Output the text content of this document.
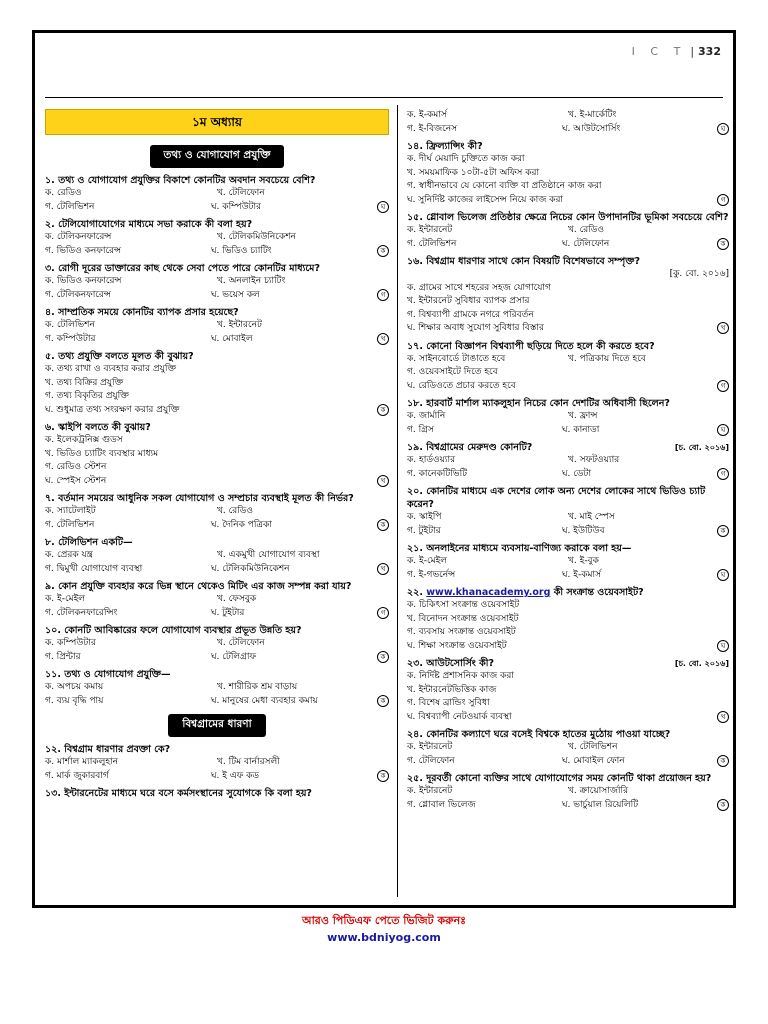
I C T | 332
১ম অধ্যায়
তথ্য ও যোগাযোগ প্রযুক্তি
১. তথ্য ও যোগাযোগ প্রযুক্তির বিকাশে কোনটির অবদান সবচেয়ে বেশি?
ক. রেডিও	খ. টেলিফোন
গ. টেলিভিশন	ঘ. কম্পিউটার	ঘ
২. টেলিযোগাযোগের মাধ্যমে সভা করাকে কী বলা হয়?
ক. টেলিকনফারেন্স	খ. টেলিকমিউনিকেশন
গ. ভিডিও কনফারেন্স	ঘ. ভিডিও চ্যাটিং	ক
৩. রোগী দূরের ডাক্তারের কাছ থেকে সেবা পেতে পারে কোনটির মাধ্যমে?
ক. ভিডিও কনফারেন্স	খ. অনলাইন চ্যাটিং
গ. টেলিকনফারেন্স	ঘ. ভয়েস কল	গ
৪. সাম্প্রতিক সময়ে কোনটির ব্যাপক প্রসার হয়েছে?
ক. টেলিভিশন	খ. ইন্টারনেট
গ. কম্পিউটার	ঘ. মোবাইল	খ
৫. তথ্য প্রযুক্তি বলতে মূলত কী বুঝায়?
ক. তথ্য রাখা ও ব্যবহার করার প্রযুক্তি
খ. তথ্য বিক্রির প্রযুক্তি
গ. তথ্য বিকৃতির প্রযুক্তি
ঘ. শুধুমাত্র তথ্য সংরক্ষণ করার প্রযুক্তি	ক
৬. স্কাইপি বলতে কী বুঝায়?
ক. ইলেকট্রনিক্স গুডস
খ. ভিডিও চ্যাটিং ব্যবস্থার মাধ্যম
গ. রেডিও স্টেশন
ঘ. স্পেইস স্টেশন	খ
৭. বর্তমান সময়ের আধুনিক সকল যোগাযোগ ও সম্প্রচার ব্যবস্থাই মূলত কী নির্ভর?
ক. স্যাটেলাইট	খ. রেডিও
গ. টেলিভিশন	ঘ. দৈনিক পত্রিকা	ক
৮. টেলিভিশন একটি—
ক. প্রেরক যন্ত্র	খ. একমুখী যোগাযোগ ব্যবস্থা
গ. দ্বিমুখী যোগাযোগ ব্যবস্থা	ঘ. টেলিকমিউনিকেশন	খ
৯. কোন প্রযুক্তি ব্যবহার করে ভিন্ন স্থানে থেকেও মিটিং এর কাজ সম্পন্ন করা যায়?
ক. ই-মেইল	খ. ফেসবুক
গ. টেলিকনফারেন্সিং	ঘ. টুইটার	গ
১০. কোনটি আবিষ্কারের ফলে যোগাযোগ ব্যবস্থার প্রভূত উন্নতি হয়?
ক. কম্পিউটার	খ. টেলিফোন
গ. প্রিন্টার	ঘ. টেলিগ্রাফ	ক
১১. তথ্য ও যোগাযোগ প্রযুক্তি—
ক. অপচয় কমায়	খ. শারীরিক শ্রম বাড়ায়
গ. ব্যয় বৃদ্ধি পায়	ঘ. মানুষের মেধা ব্যবহার কমায়	ক
বিশ্বগ্রামের ধারণা
১২. বিশ্বগ্রাম ধারণার প্রবক্তা কে?
ক. মার্শাল ম্যাকলুহান	খ. টিম বার্নারসলী
গ. মার্ক জুকারবার্গ	ঘ. ই এফ কড	ক
১৩. ইন্টারনেটের মাধ্যমে ঘরে বসে কর্মসংস্থানের সুযোগকে কি বলা হয়?
ক. ই-কমার্স	খ. ই-মার্কেটিং
গ. ই-বিজনেস	ঘ. আউটসোর্সিং	ঘ
১৪. ফ্রিল্যান্সিং কী?
ক. দীর্ঘ মেয়াদি চুক্তিতে কাজ করা
খ. সময়মাফিক ১০টা-৫টা অফিস করা
গ. স্বাধীনভাবে যে কোনো ব্যক্তি বা প্রতিষ্ঠানে কাজ করা
ঘ. সুনির্দিষ্ট কাজের লাইসেন্স নিয়ে কাজ করা	গ
১৫. গ্লোবাল ভিলেজ প্রতিষ্ঠার ক্ষেত্রে নিচের কোন উপাদানটির ভূমিকা সবচেয়ে বেশি?
ক. ইন্টারনেট	খ. রেডিও
গ. টেলিভিশন	ঘ. টেলিফোন	ক
১৬. বিশ্বগ্রাম ধারণার সাথে কোন বিষয়টি বিশেষভাবে সম্পৃক্ত?
[কু. বো. ২০১৬]
ক. গ্রামের সাথে শহরের সহজ যোগাযোগ
খ. ইন্টারনেট সুবিধার ব্যাপক প্রসার
গ. বিশ্বব্যাপী গ্রামকে নগরে পরিবর্তন
ঘ. শিক্ষার অবাধ সুযোগ সুবিধার বিস্তার	খ
১৭. কোনো বিজ্ঞাপন বিশ্বব্যাপী ছড়িয়ে দিতে হলে কী করতে হবে?
ক. সাইনবোর্ডে টাঙাতে হবে	খ. পত্রিকায় দিতে হবে
গ. ওয়েবসাইটে দিতে হবে
ঘ. রেডিওতে প্রচার করতে হবে	গ
১৮. হারবার্ট মার্শাল ম্যাকলুহান নিচের কোন দেশটির অধিবাসী ছিলেন?
ক. জার্মানি	খ. ফ্রান্স
গ. গ্রিস	ঘ. কানাডা	ঘ
১৯. বিশ্বগ্রামের মেরুদণ্ড কোনটি?	[চ. বো. ২০১৬]
ক. হার্ডওয়্যার	খ. সফটওয়্যার
গ. কানেকটিভিটি	ঘ. ডেটা	গ
২০. কোনটির মাধ্যমে এক দেশের লোক অন্য দেশের লোকের সাথে ভিডিও চ্যাট করেন?
ক. স্কাইপি	খ. মাই স্পেস
গ. টুইটার	ঘ. ইউটিউব	ক
২১. অনলাইনের মাধ্যমে ব্যবসায়-বাণিজ্য করাকে বলা হয়—
ক. ই-মেইল	খ. ই-বুক
গ. ই-গভর্নেন্স	ঘ. ই-কমার্স	ঘ
২২. www.khanacademy.org কী সংক্রান্ত ওয়েবসাইট?
ক. চিকিৎসা সংক্রান্ত ওয়েবসাইট
খ. বিনোদন সংক্রান্ত ওয়েবসাইট
গ. ব্যবসায় সংক্রান্ত ওয়েবসাইট
ঘ. শিক্ষা সংক্রান্ত ওয়েবসাইট	ঘ
২৩. আউটসোর্সিং কী?	[চ. বো. ২০১৬]
ক. নির্দিষ্ট প্রশাসনিক কাজ করা
খ. ইন্টারনেটভিত্তিক কাজ
গ. বিশেষ ব্রান্ডিং সুবিধা
ঘ. বিশ্বব্যাপী নেটওয়ার্ক ব্যবস্থা	খ
২৪. কোনটির কল্যাণে ঘরে বসেই বিশ্বকে হাতের মুঠোয় পাওয়া যাচ্ছে?
ক. ইন্টারনেট	খ. টেলিভিশন
গ. টেলিফোন	ঘ. মোবাইল ফোন	ক
২৫. দূরবর্তী কোনো ব্যক্তির সাথে যোগাযোগের সময় কোনটি থাকা প্রয়োজন হয়?
ক. ইন্টারনেট	খ. ক্রায়োসার্জারি
গ. গ্লোবাল ভিলেজ	ঘ. ভার্চুয়াল রিয়েলিটি	ক
আরও পিডিএফ পেতে ভিজিট করুনঃ
www.bdniyog.com
